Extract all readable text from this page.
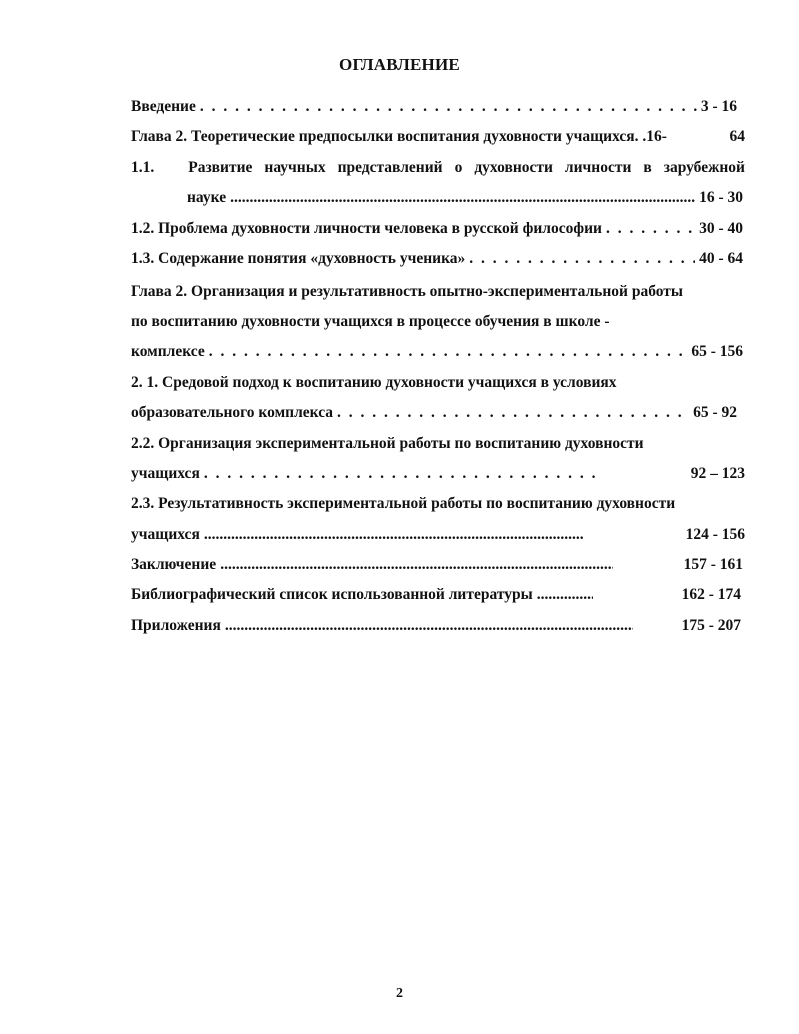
ОГЛАВЛЕНИЕ
Введение . . .	3 - 16
Глава 2. Теоретические предпосылки воспитания духовности учащихся. .16-	64
1.1. Развитие научных представлений о духовности личности в зарубежной
науке .....	16 - 30
1.2. Проблема духовности личности человека в русской философии . . .	30 - 40
1.3. Содержание понятия «духовность ученика» . . .	40 - 64
Глава 2. Организация и результативность опытно-экспериментальной работы
по воспитанию духовности учащихся в процессе обучения в школе -
комплексе . . .	65 - 156
2. 1. Средовой подход к воспитанию духовности учащихся в условиях
образовательного комплекса . . .	65 - 92
2.2. Организация экспериментальной работы по воспитанию духовности
учащихся . . .	92 – 123
2.3. Результативность экспериментальной работы по воспитанию духовности
учащихся .....	124 - 156
Заключение .....	157 - 161
Библиографический список использованной литературы .....	162 - 174
Приложения .....	175 - 207
2
